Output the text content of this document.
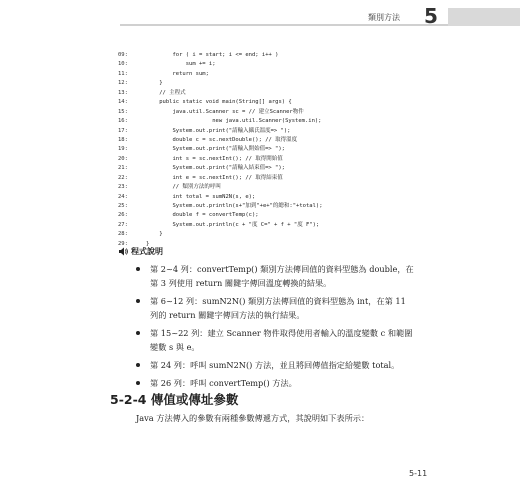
類別方法 5
09:	for ( i = start; i <= end; i++ )
10:	sum += i;
11:	return sum;
12:	}
13:	// 主程式
14:	public static void main(String[] args) {
15:	java.util.Scanner sc = // 建立Scanner物件
16:	new java.util.Scanner(System.in);
17:	System.out.print("請輸入攝氏溫度=> ");
18:	double c = sc.nextDouble(); // 取得溫度
19:	System.out.print("請輸入開始值=> ");
20:	int s = sc.nextInt(); // 取得開始值
21:	System.out.print("請輸入結束值=> ");
22:	int e = sc.nextInt(); // 取得結束值
23:	// 類別方法的呼叫
24:	int total = sumN2N(s, e);
25:	System.out.println(s+"加到"+e+"的總和:"+total);
26:	double f = convertTemp(c);
27:	System.out.println(c + "度 C=" + f + "度 F");
28:	}
29:	}
程式說明
第 2~4 列：convertTemp() 類別方法傳回值的資料型態為 double，在第 3 列使用 return 關鍵字傳回溫度轉換的結果。
第 6~12 列：sumN2N() 類別方法傳回值的資料型態為 int，在第 11 列的 return 關鍵字傳回方法的執行結果。
第 15~22 列：建立 Scanner 物件取得使用者輸入的溫度變數 c 和範圍變數 s 與 e。
第 24 列：呼叫 sumN2N() 方法，並且將回傳值指定給變數 total。
第 26 列：呼叫 convertTemp() 方法。
5-2-4 傳值或傳址參數
Java 方法傳入的參數有兩種參數傳遞方式，其說明如下表所示：
5-11
